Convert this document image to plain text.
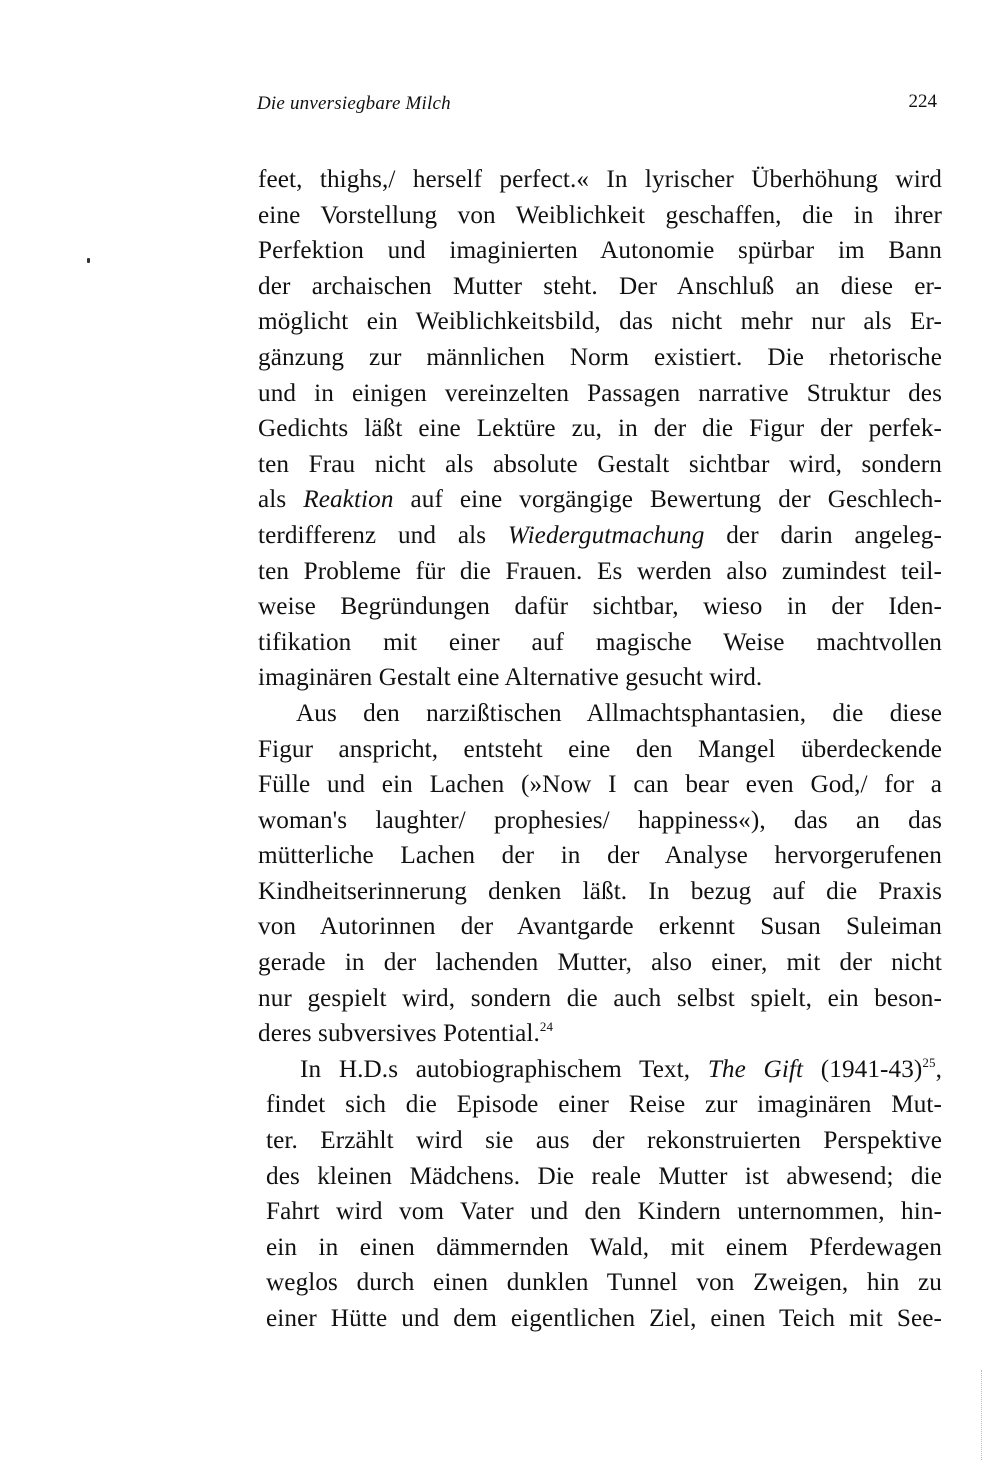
Die unversiegbare Milch	224
feet, thighs,/ herself perfect.« In lyrischer Überhöhung wird
eine Vorstellung von Weiblichkeit geschaffen, die in ihrer
Perfektion und imaginierten Autonomie spürbar im Bann
der archaischen Mutter steht. Der Anschluß an diese er-
möglicht ein Weiblichkeitsbild, das nicht mehr nur als Er-
gänzung zur männlichen Norm existiert. Die rhetorische
und in einigen vereinzelten Passagen narrative Struktur des
Gedichts läßt eine Lektüre zu, in der die Figur der perfek-
ten Frau nicht als absolute Gestalt sichtbar wird, sondern
als Reaktion auf eine vorgängige Bewertung der Geschlech-
terdifferenz und als Wiedergutmachung der darin angeleg-
ten Probleme für die Frauen. Es werden also zumindest teil-
weise Begründungen dafür sichtbar, wieso in der Iden-
tifikation mit einer auf magische Weise machtvollen
imaginären Gestalt eine Alternative gesucht wird.
Aus den narzißtischen Allmachtsphantasien, die diese
Figur anspricht, entsteht eine den Mangel überdeckende
Fülle und ein Lachen (»Now I can bear even God,/ for a
woman's laughter/ prophesies/ happiness«), das an das
mütterliche Lachen der in der Analyse hervorgerufenen
Kindheitserinnerung denken läßt. In bezug auf die Praxis
von Autorinnen der Avantgarde erkennt Susan Suleiman
gerade in der lachenden Mutter, also einer, mit der nicht
nur gespielt wird, sondern die auch selbst spielt, ein beson-
deres subversives Potential.$^{24}$
In H.D.s autobiographischem Text, The Gift (1941-43)$^{25}$,
findet sich die Episode einer Reise zur imaginären Mut-
ter. Erzählt wird sie aus der rekonstruierten Perspektive
des kleinen Mädchens. Die reale Mutter ist abwesend; die
Fahrt wird vom Vater und den Kindern unternommen, hin-
ein in einen dämmernden Wald, mit einem Pferdewagen
weglos durch einen dunklen Tunnel von Zweigen, hin zu
einer Hütte und dem eigentlichen Ziel, einen Teich mit See-
